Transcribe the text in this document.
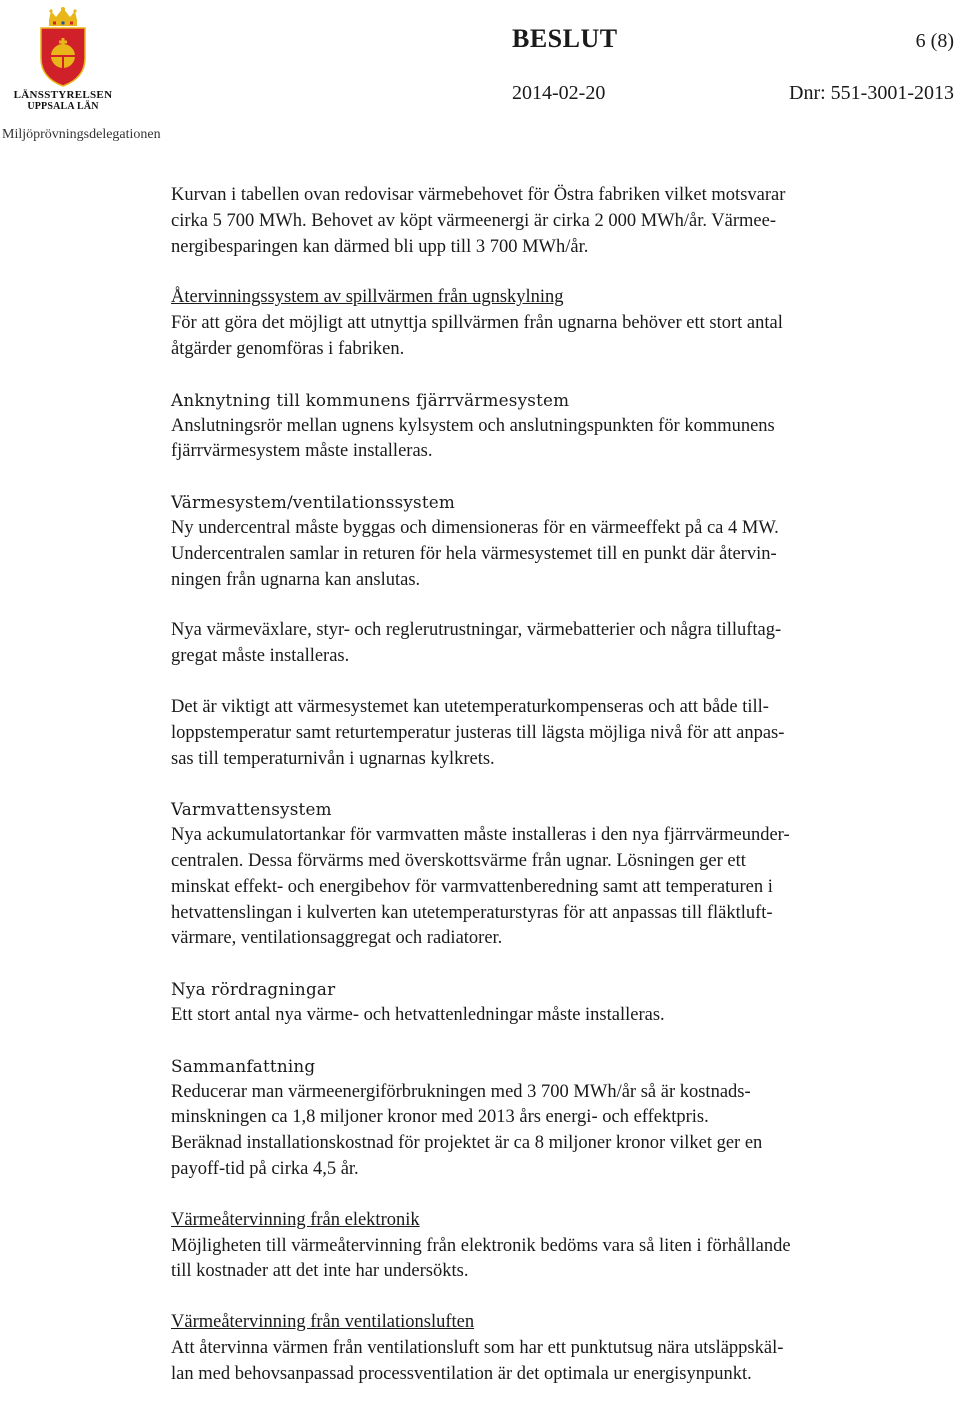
LÄNSSTYRELSEN
UPPSALA LÄN
Miljöprövningsdelegationen
BESLUT	6 (8)
2014-02-20	Dnr: 551-3001-2013

Kurvan i tabellen ovan redovisar värmebehovet för Östra fabriken vilket motsvarar

cirka 5 700 MWh. Behovet av köpt värmeenergi är cirka 2 000 MWh/år. Värmee-

nergibesparingen kan därmed bli upp till 3 700 MWh/år.

Återvinningssystem av spillvärmen från ugnskylning

För att göra det möjligt att utnyttja spillvärmen från ugnarna behöver ett stort antal

åtgärder genomföras i fabriken.

Anknytning till kommunens fjärrvärmesystem

Anslutningsrör mellan ugnens kylsystem och anslutningspunkten för kommunens

fjärrvärmesystem måste installeras.

Värmesystem/ventilationssystem

Ny undercentral måste byggas och dimensioneras för en värmeeffekt på ca 4 MW.

Undercentralen samlar in returen för hela värmesystemet till en punkt där återvin-

ningen från ugnarna kan anslutas.

Nya värmeväxlare, styr- och reglerutrustningar, värmebatterier och några tilluftag-

gregat måste installeras.

Det är viktigt att värmesystemet kan utetemperaturkompenseras och att både till-

loppstemperatur samt returtemperatur justeras till lägsta möjliga nivå för att anpas-

sas till temperaturnivån i ugnarnas kylkrets.

Varmvattensystem

Nya ackumulatortankar för varmvatten måste installeras i den nya fjärrvärmeunder-

centralen. Dessa förvärms med överskottsvärme från ugnar. Lösningen ger ett

minskat effekt- och energibehov för varmvattenberedning samt att temperaturen i

hetvattenslingan i kulverten kan utetemperaturstyras för att anpassas till fläktluft-

värmare, ventilationsaggregat och radiatorer.

Nya rördragningar

Ett stort antal nya värme- och hetvattenledningar måste installeras.

Sammanfattning

Reducerar man värmeenergiförbrukningen med 3 700 MWh/år så är kostnads-

minskningen ca 1,8 miljoner kronor med 2013 års energi- och effektpris.

Beräknad installationskostnad för projektet är ca 8 miljoner kronor vilket ger en

payoff-tid på cirka 4,5 år.

Värmeåtervinning från elektronik

Möjligheten till värmeåtervinning från elektronik bedöms vara så liten i förhållande

till kostnader att det inte har undersökts.

Värmeåtervinning från ventilationsluften

Att återvinna värmen från ventilationsluft som har ett punktutsug nära utsläppskäl-

lan med behovsanpassad processventilation är det optimala ur energisynpunkt.
